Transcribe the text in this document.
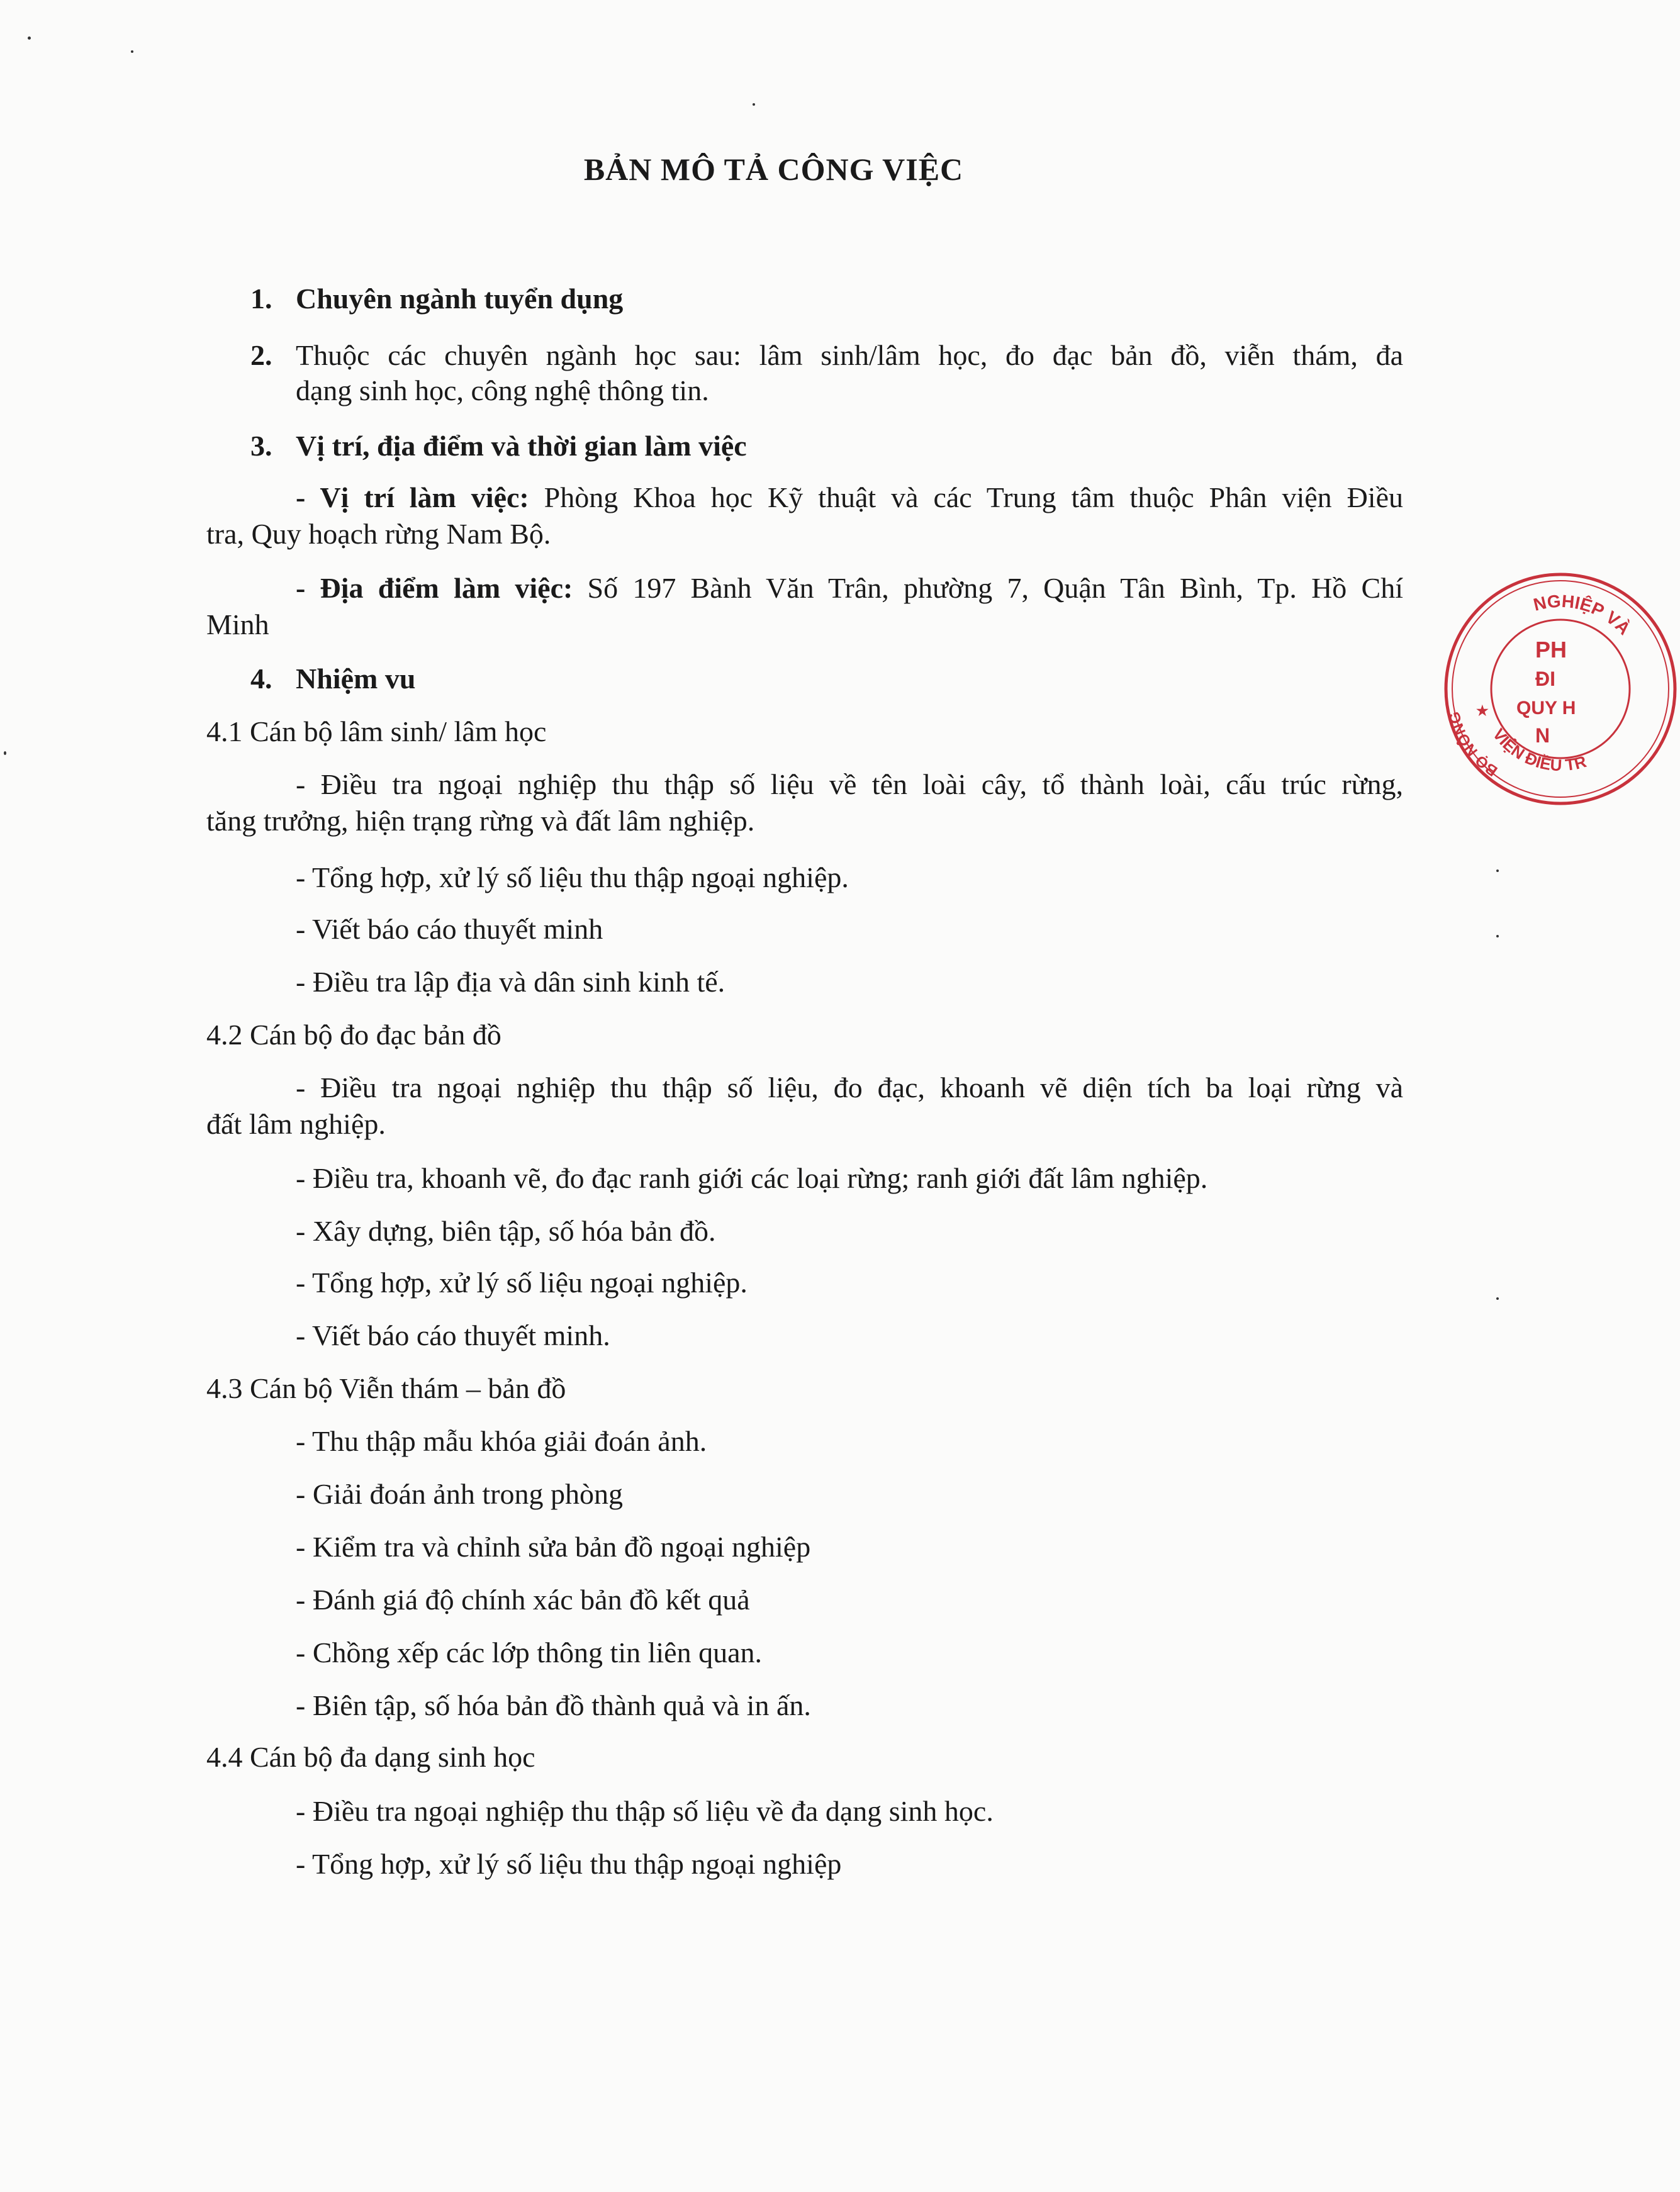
BẢN MÔ TẢ CÔNG VIỆC
1. Chuyên ngành tuyển dụng
2. Thuộc các chuyên ngành học sau: lâm sinh/lâm học, đo đạc bản đồ, viễn thám, đa
dạng sinh học, công nghệ thông tin.
3. Vị trí, địa điểm và thời gian làm việc
- Vị trí làm việc: Phòng Khoa học Kỹ thuật và các Trung tâm thuộc Phân viện Điều
tra, Quy hoạch rừng Nam Bộ.
- Địa điểm làm việc: Số 197 Bành Văn Trân, phường 7, Quận Tân Bình, Tp. Hồ Chí
Minh
4. Nhiệm vu
4.1 Cán bộ lâm sinh/ lâm học
- Điều tra ngoại nghiệp thu thập số liệu về tên loài cây, tổ thành loài, cấu trúc rừng,
tăng trưởng, hiện trạng rừng và đất lâm nghiệp.
- Tổng hợp, xử lý số liệu thu thập ngoại nghiệp.
- Viết báo cáo thuyết minh
- Điều tra lập địa và dân sinh kinh tế.
4.2 Cán bộ đo đạc bản đồ
- Điều tra ngoại nghiệp thu thập số liệu, đo đạc, khoanh vẽ diện tích ba loại rừng và
đất lâm nghiệp.
- Điều tra, khoanh vẽ, đo đạc ranh giới các loại rừng; ranh giới đất lâm nghiệp.
- Xây dựng, biên tập, số hóa bản đồ.
- Tổng hợp, xử lý số liệu ngoại nghiệp.
- Viết báo cáo thuyết minh.
4.3 Cán bộ Viễn thám – bản đồ
- Thu thập mẫu khóa giải đoán ảnh.
- Giải đoán ảnh trong phòng
- Kiểm tra và chỉnh sửa bản đồ ngoại nghiệp
- Đánh giá độ chính xác bản đồ kết quả
- Chồng xếp các lớp thông tin liên quan.
- Biên tập, số hóa bản đồ thành quả và in ấn.
4.4 Cán bộ đa dạng sinh học
- Điều tra ngoại nghiệp thu thập số liệu về đa dạng sinh học.
- Tổng hợp, xử lý số liệu thu thập ngoại nghiệp
NGHIỆP VÀ
BỘ NÔNG
VIỆN ĐIỀU TR
PH
ĐI
QUY H
N
★
